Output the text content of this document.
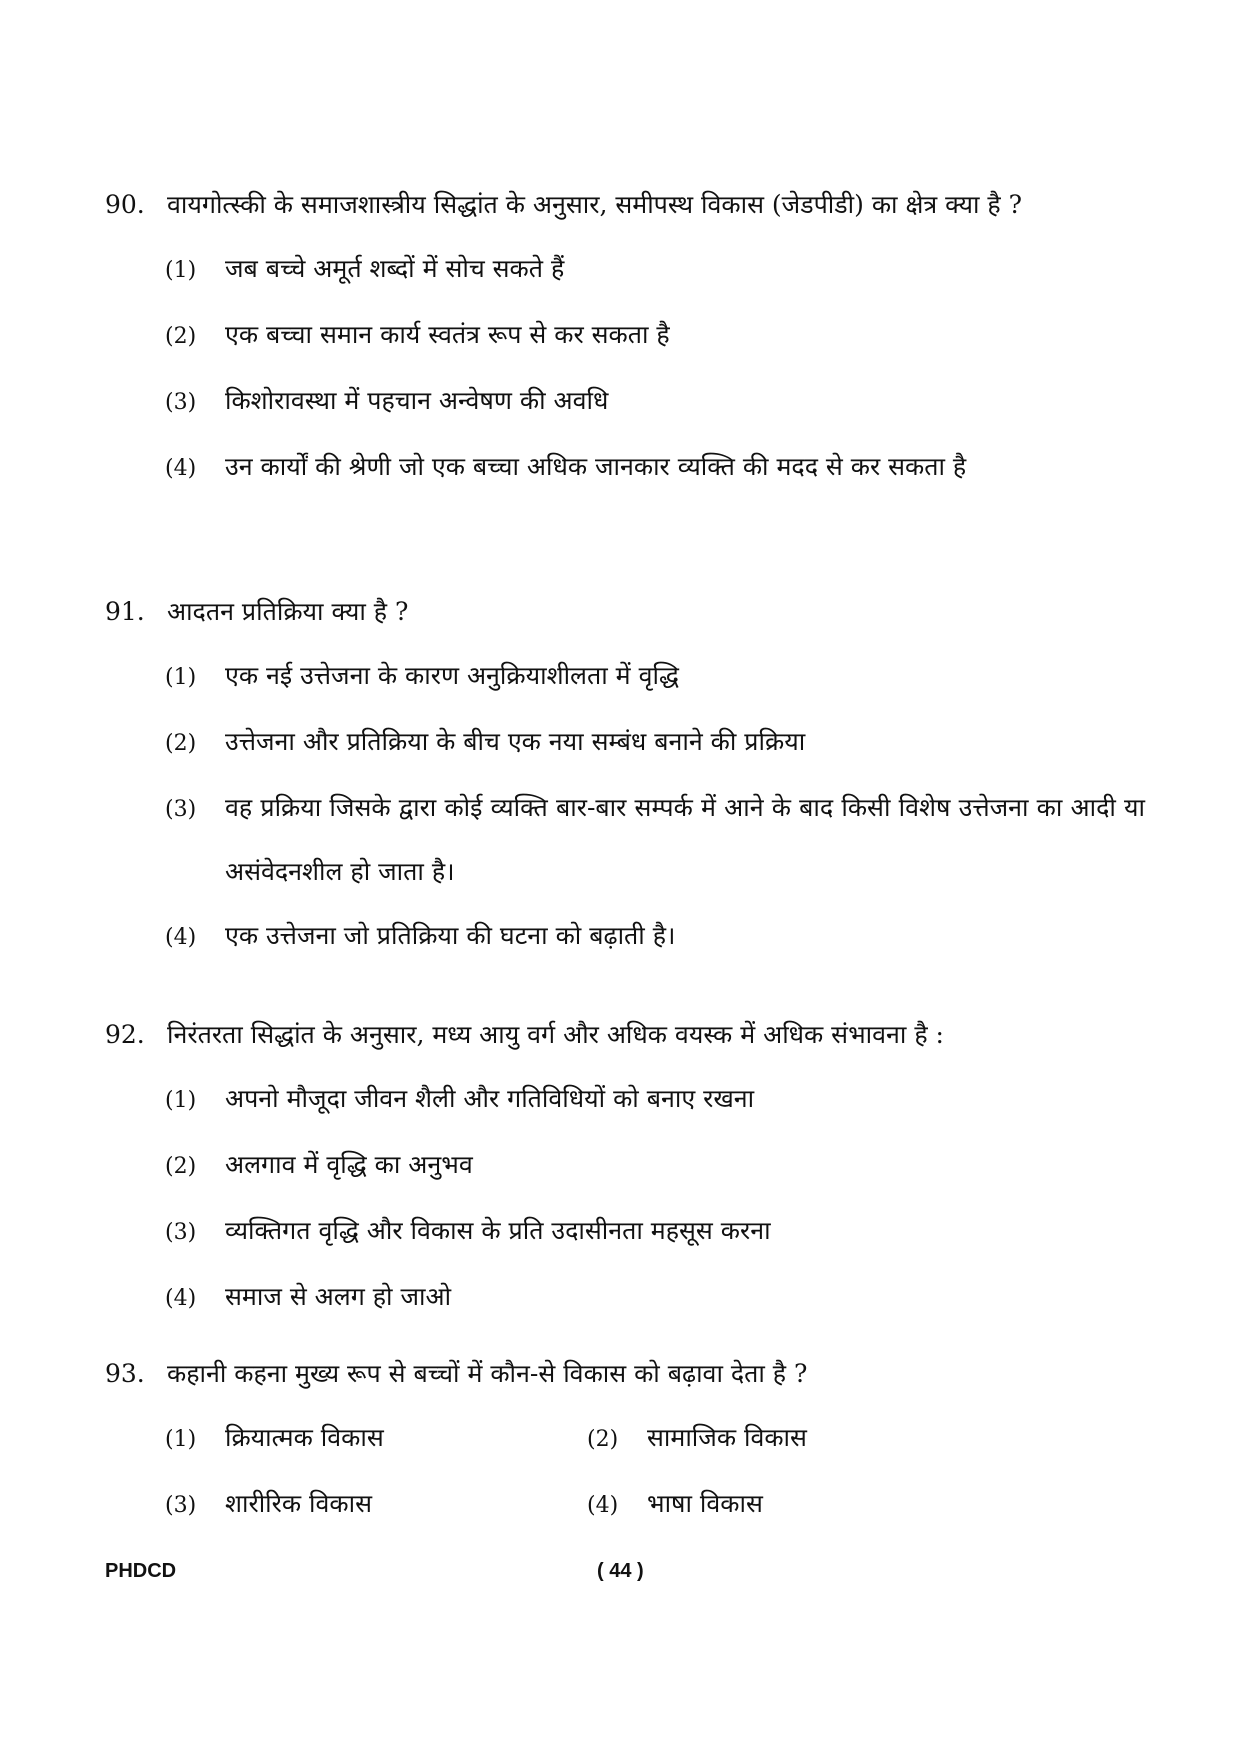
90. वायगोत्स्की के समाजशास्त्रीय सिद्धांत के अनुसार, समीपस्थ विकास (जेडपीडी) का क्षेत्र क्या है ?
(1)	जब बच्चे अमूर्त शब्दों में सोच सकते हैं
(2)	एक बच्चा समान कार्य स्वतंत्र रूप से कर सकता है
(3)	किशोरावस्था में पहचान अन्वेषण की अवधि
(4)	उन कार्यों की श्रेणी जो एक बच्चा अधिक जानकार व्यक्ति की मदद से कर सकता है
91. आदतन प्रतिक्रिया क्या है ?
(1)	एक नई उत्तेजना के कारण अनुक्रियाशीलता में वृद्धि
(2)	उत्तेजना और प्रतिक्रिया के बीच एक नया सम्बंध बनाने की प्रक्रिया
(3)	वह प्रक्रिया जिसके द्वारा कोई व्यक्ति बार-बार सम्पर्क में आने के बाद किसी विशेष उत्तेजना का आदी या असंवेदनशील हो जाता है।
(4)	एक उत्तेजना जो प्रतिक्रिया की घटना को बढ़ाती है।
92. निरंतरता सिद्धांत के अनुसार, मध्य आयु वर्ग और अधिक वयस्क में अधिक संभावना है :
(1)	अपनो मौजूदा जीवन शैली और गतिविधियों को बनाए रखना
(2)	अलगाव में वृद्धि का अनुभव
(3)	व्यक्तिगत वृद्धि और विकास के प्रति उदासीनता महसूस करना
(4)	समाज से अलग हो जाओ
93. कहानी कहना मुख्य रूप से बच्चों में कौन-से विकास को बढ़ावा देता है ?
(1)	क्रियात्मक विकास	(2)	सामाजिक विकास
(3)	शारीरिक विकास	(4)	भाषा विकास
PHDCD	( 44 )
